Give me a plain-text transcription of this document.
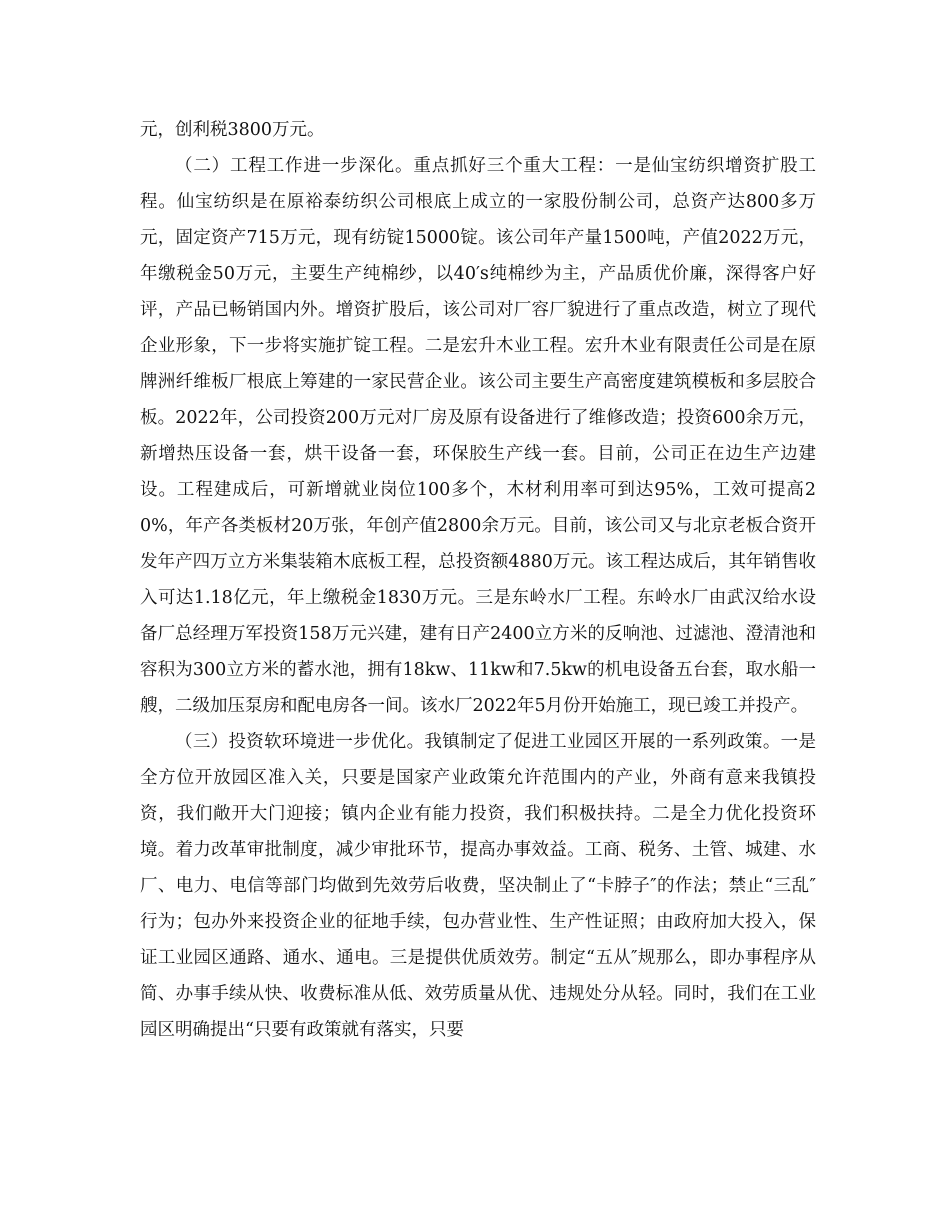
元，创利税3800万元。

（二）工程工作进一步深化。重点抓好三个重大工程：一是仙宝纺织增资扩股工程。仙宝纺织是在原裕泰纺织公司根底上成立的一家股份制公司，总资产达800多万元，固定资产715万元，现有纺锭15000锭。该公司年产量1500吨，产值2022万元，年缴税金50万元，主要生产纯棉纱，以40′s纯棉纱为主，产品质优价廉，深得客户好评，产品已畅销国内外。增资扩股后，该公司对厂容厂貌进行了重点改造，树立了现代企业形象，下一步将实施扩锭工程。二是宏升木业工程。宏升木业有限责任公司是在原牌洲纤维板厂根底上筹建的一家民营企业。该公司主要生产高密度建筑模板和多层胶合板。2022年，公司投资200万元对厂房及原有设备进行了维修改造；投资600余万元，新增热压设备一套，烘干设备一套，环保胶生产线一套。目前，公司正在边生产边建设。工程建成后，可新增就业岗位100多个，木材利用率可到达95%，工效可提高20%，年产各类板材20万张，年创产值2800余万元。目前，该公司又与北京老板合资开发年产四万立方米集装箱木底板工程，总投资额4880万元。该工程达成后，其年销售收入可达1.18亿元，年上缴税金1830万元。三是东岭水厂工程。东岭水厂由武汉给水设备厂总经理万军投资158万元兴建，建有日产2400立方米的反响池、过滤池、澄清池和容积为300立方米的蓄水池，拥有18kw、11kw和7.5kw的机电设备五台套，取水船一艘，二级加压泵房和配电房各一间。该水厂2022年5月份开始施工，现已竣工并投产。

（三）投资软环境进一步优化。我镇制定了促进工业园区开展的一系列政策。一是全方位开放园区准入关，只要是国家产业政策允许范围内的产业，外商有意来我镇投资，我们敞开大门迎接；镇内企业有能力投资，我们积极扶持。二是全力优化投资环境。着力改革审批制度，减少审批环节，提高办事效益。工商、税务、土管、城建、水厂、电力、电信等部门均做到先效劳后收费，坚决制止了“卡脖子″的作法；禁止“三乱″行为；包办外来投资企业的征地手续，包办营业性、生产性证照；由政府加大投入，保证工业园区通路、通水、通电。三是提供优质效劳。制定“五从″规那么，即办事程序从简、办事手续从快、收费标准从低、效劳质量从优、违规处分从轻。同时，我们在工业园区明确提出“只要有政策就有落实，只要
